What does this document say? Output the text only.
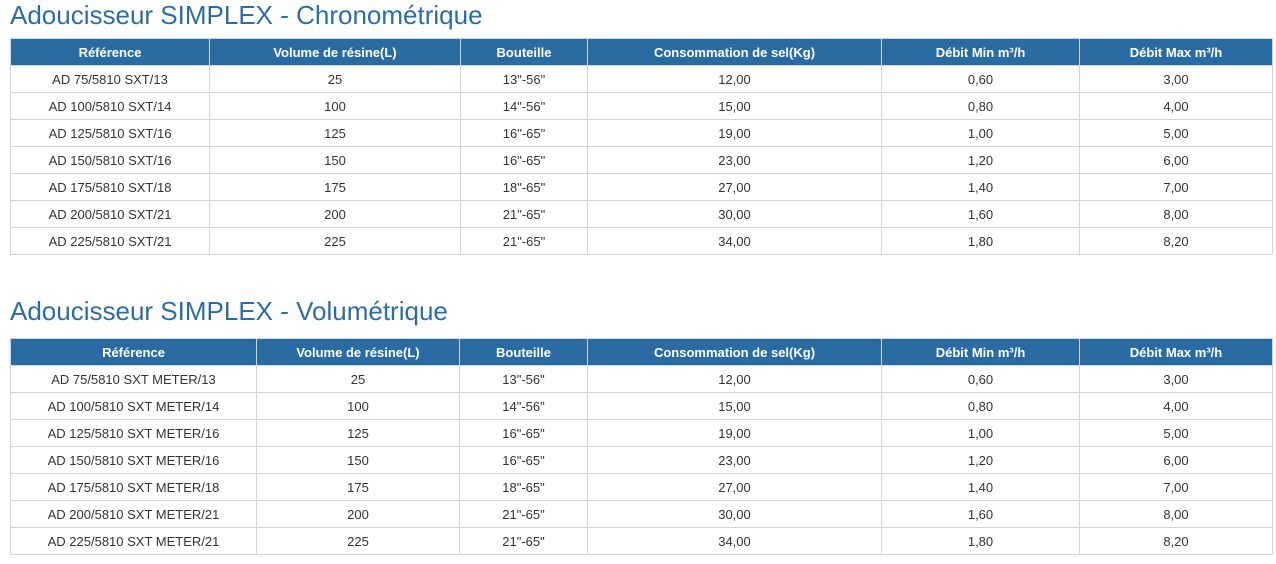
Adoucisseur SIMPLEX - Chronométrique
Référence	Volume de résine(L)	Bouteille	Consommation de sel(Kg)	Débit Min m³/h	Débit Max m³/h
AD 75/5810 SXT/13	25	13"-56"	12,00	0,60	3,00
AD 100/5810 SXT/14	100	14"-56"	15,00	0,80	4,00
AD 125/5810 SXT/16	125	16"-65"	19,00	1,00	5,00
AD 150/5810 SXT/16	150	16"-65"	23,00	1,20	6,00
AD 175/5810 SXT/18	175	18"-65"	27,00	1,40	7,00
AD 200/5810 SXT/21	200	21"-65"	30,00	1,60	8,00
AD 225/5810 SXT/21	225	21"-65"	34,00	1,80	8,20
Adoucisseur SIMPLEX - Volumétrique
Référence	Volume de résine(L)	Bouteille	Consommation de sel(Kg)	Débit Min m³/h	Débit Max m³/h
AD 75/5810 SXT METER/13	25	13"-56"	12,00	0,60	3,00
AD 100/5810 SXT METER/14	100	14"-56"	15,00	0,80	4,00
AD 125/5810 SXT METER/16	125	16"-65"	19,00	1,00	5,00
AD 150/5810 SXT METER/16	150	16"-65"	23,00	1,20	6,00
AD 175/5810 SXT METER/18	175	18"-65"	27,00	1,40	7,00
AD 200/5810 SXT METER/21	200	21"-65"	30,00	1,60	8,00
AD 225/5810 SXT METER/21	225	21"-65"	34,00	1,80	8,20
